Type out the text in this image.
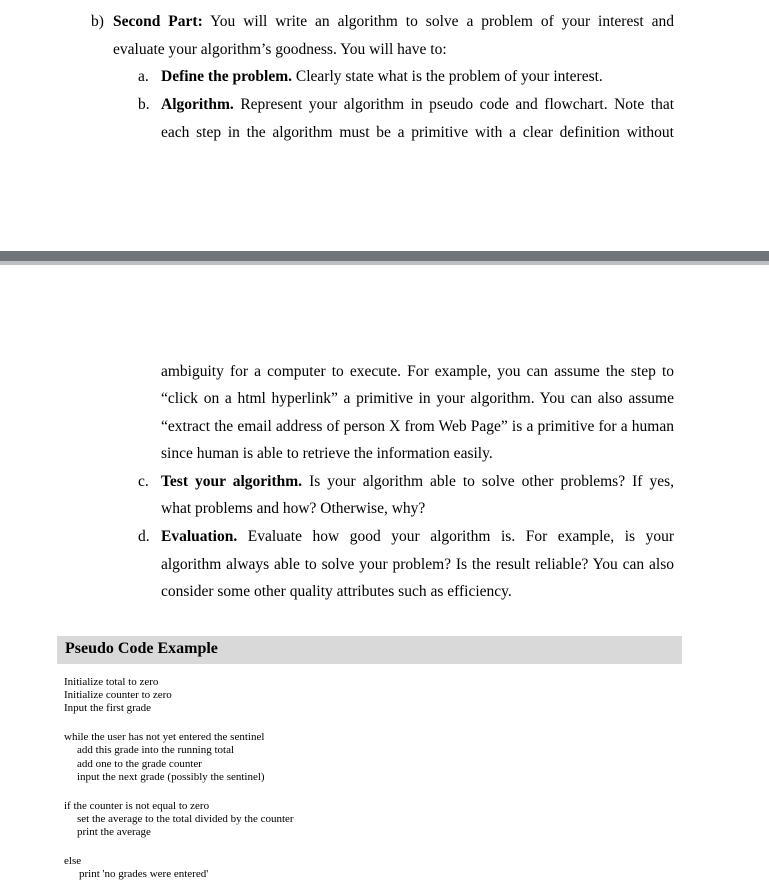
b) Second Part: You will write an algorithm to solve a problem of your interest and
evaluate your algorithm’s goodness. You will have to:
a. Define the problem. Clearly state what is the problem of your interest.
b. Algorithm. Represent your algorithm in pseudo code and flowchart. Note that
each step in the algorithm must be a primitive with a clear definition without
ambiguity for a computer to execute. For example, you can assume the step to
“click on a html hyperlink” a primitive in your algorithm. You can also assume
“extract the email address of person X from Web Page” is a primitive for a human
since human is able to retrieve the information easily.
c. Test your algorithm. Is your algorithm able to solve other problems? If yes,
what problems and how? Otherwise, why?
d. Evaluation. Evaluate how good your algorithm is. For example, is your
algorithm always able to solve your problem? Is the result reliable? You can also
consider some other quality attributes such as efficiency.
Pseudo Code Example
Initialize total to zero
Initialize counter to zero
Input the first grade
while the user has not yet entered the sentinel
add this grade into the running total
add one to the grade counter
input the next grade (possibly the sentinel)
if the counter is not equal to zero
set the average to the total divided by the counter
print the average
else
print 'no grades were entered'
